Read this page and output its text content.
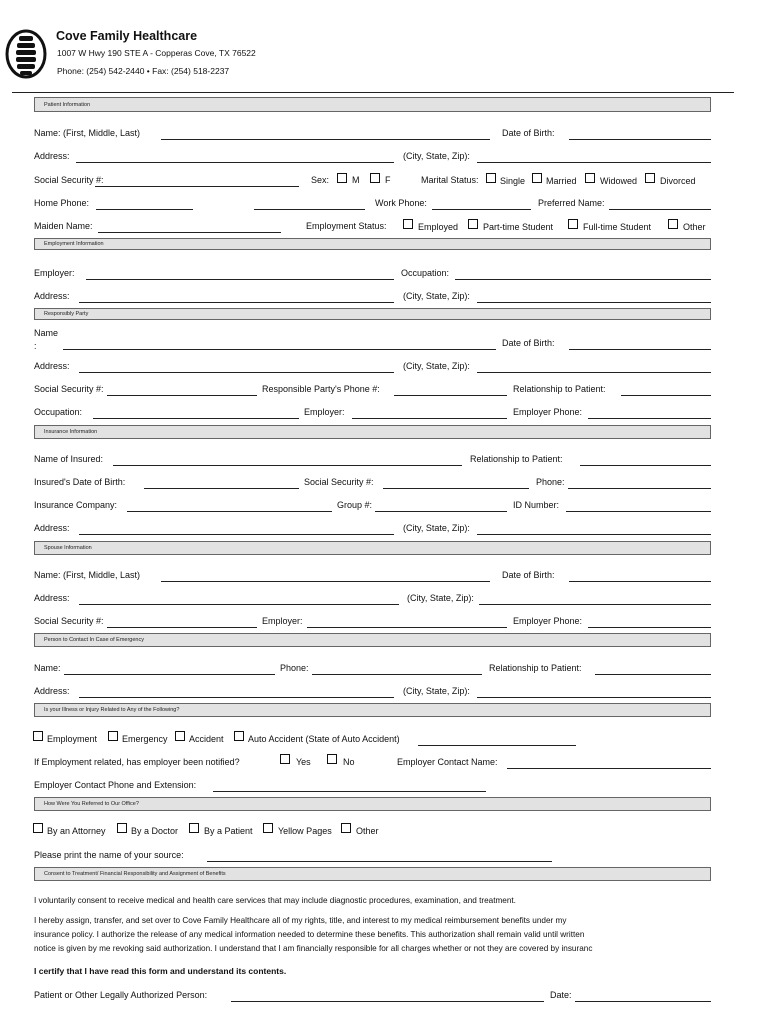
Cove Family Healthcare
1007 W Hwy 190 STE A - Copperas Cove, TX 76522
Phone: (254) 542-2440 • Fax: (254) 518-2237
Patient Information
Name: (First, Middle, Last)	Date of Birth:
Address:	(City, State, Zip):
Social Security #:	Sex:	M	F	Marital Status: Single Married	Widowed	Divorced
Home Phone:	Work Phone:	Preferred Name:
Maiden Name:	Employment Status:	Employed	Part-time Student	Full-time Student	Other
Employment Information
Employer:	Occupation:
Address:	(City, State, Zip):
Responsibly Party
Name
:	Date of Birth:
Address:	(City, State, Zip):
Social Security #:	Responsible Party's Phone #:	Relationship to Patient:
Occupation:	Employer:	Employer Phone:
Insurance Information
Name of Insured:	Relationship to Patient:
Insured's Date of Birth:	Social Security #:	Phone:
Insurance Company:	Group #:	ID Number:
Address:	(City, State, Zip):
Spouse Information
Name: (First, Middle, Last)	Date of Birth:
Address:	(City, State, Zip):
Social Security #:	Employer:	Employer Phone:
Person to Contact In Case of Emergency
Name:	Phone:	Relationship to Patient:
Address:	(City, State, Zip):
Is your Illness or Injury Related to Any of the Following?
Employment	Emergency Accident	Auto Accident (State of Auto Accident)
If Employment related, has employer been notified?	Yes	No	Employer Contact Name:
Employer Contact Phone and Extension:
How Were You Referred to Our Office?
By an Attorney	By a Doctor	By a Patient	Yellow Pages	Other
Please print the name of your source:
Consent to Treatment/ Financial Responsibility and Assignment of Benefits
I voluntarily consent to receive medical and health care services that may include diagnostic procedures, examination, and treatment.
I hereby assign, transfer, and set over to Cove Family Healthcare all of my rights, title, and interest to my medical reimbursement benefits under my
insurance policy. I authorize the release of any medical information needed to determine these benefits. This authorization shall remain valid until written
notice is given by me revoking said authorization. I understand that I am financially responsible for all charges whether or not they are covered by insuranc
I certify that I have read this form and understand its contents.
Patient or Other Legally Authorized Person:	Date:
